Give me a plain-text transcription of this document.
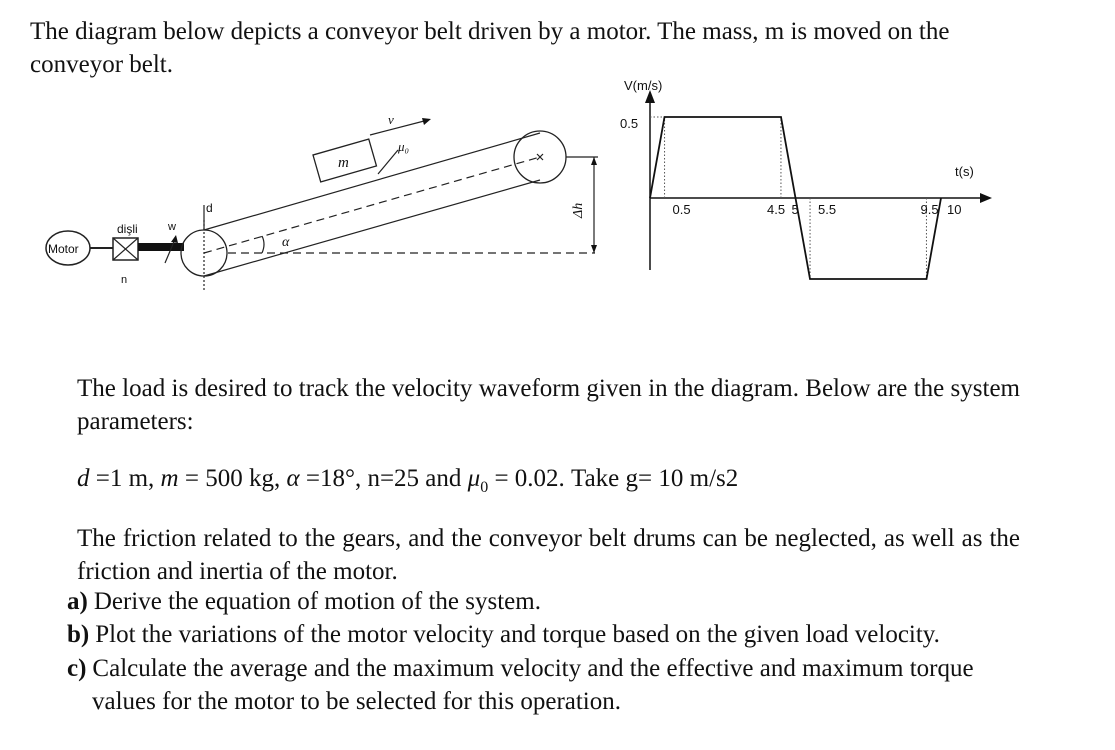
The diagram below depicts a conveyor belt driven by a motor. The mass, m is moved on the
conveyor belt.
Motor
dişli
n
w
d
α
m
v
μ₀
Δh
V(m/s)
t(s)
0.5
0.5	4.5 5 5.5	9.5 10
The load is desired to track the velocity waveform given in the diagram. Below are the system parameters:
d =1 m, m = 500 kg, α =18°, n=25 and $\mu_0 = 0.02$. Take g= 10 m/s2
The friction related to the gears, and the conveyor belt drums can be neglected, as well as the friction and inertia of the motor.
a) Derive the equation of motion of the system.
b) Plot the variations of the motor velocity and torque based on the given load velocity.
c) Calculate the average and the maximum velocity and the effective and maximum torque
values for the motor to be selected for this operation.
